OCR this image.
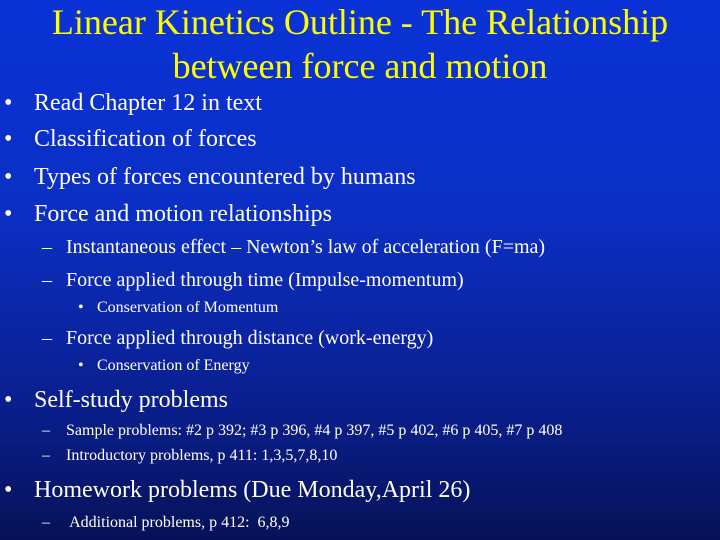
Linear Kinetics Outline - The Relationship
between force and motion
• Read Chapter 12 in text
• Classification of forces
• Types of forces encountered by humans
• Force and motion relationships
– Instantaneous effect – Newton’s law of acceleration (F=ma)
– Force applied through time (Impulse-momentum)
• Conservation of Momentum
– Force applied through distance (work-energy)
• Conservation of Energy
• Self-study problems
– Sample problems: #2 p 392; #3 p 396, #4 p 397, #5 p 402, #6 p 405, #7 p 408
– Introductory problems, p 411: 1,3,5,7,8,10
• Homework problems (Due Monday,April 26)
– Additional problems, p 412:  6,8,9
